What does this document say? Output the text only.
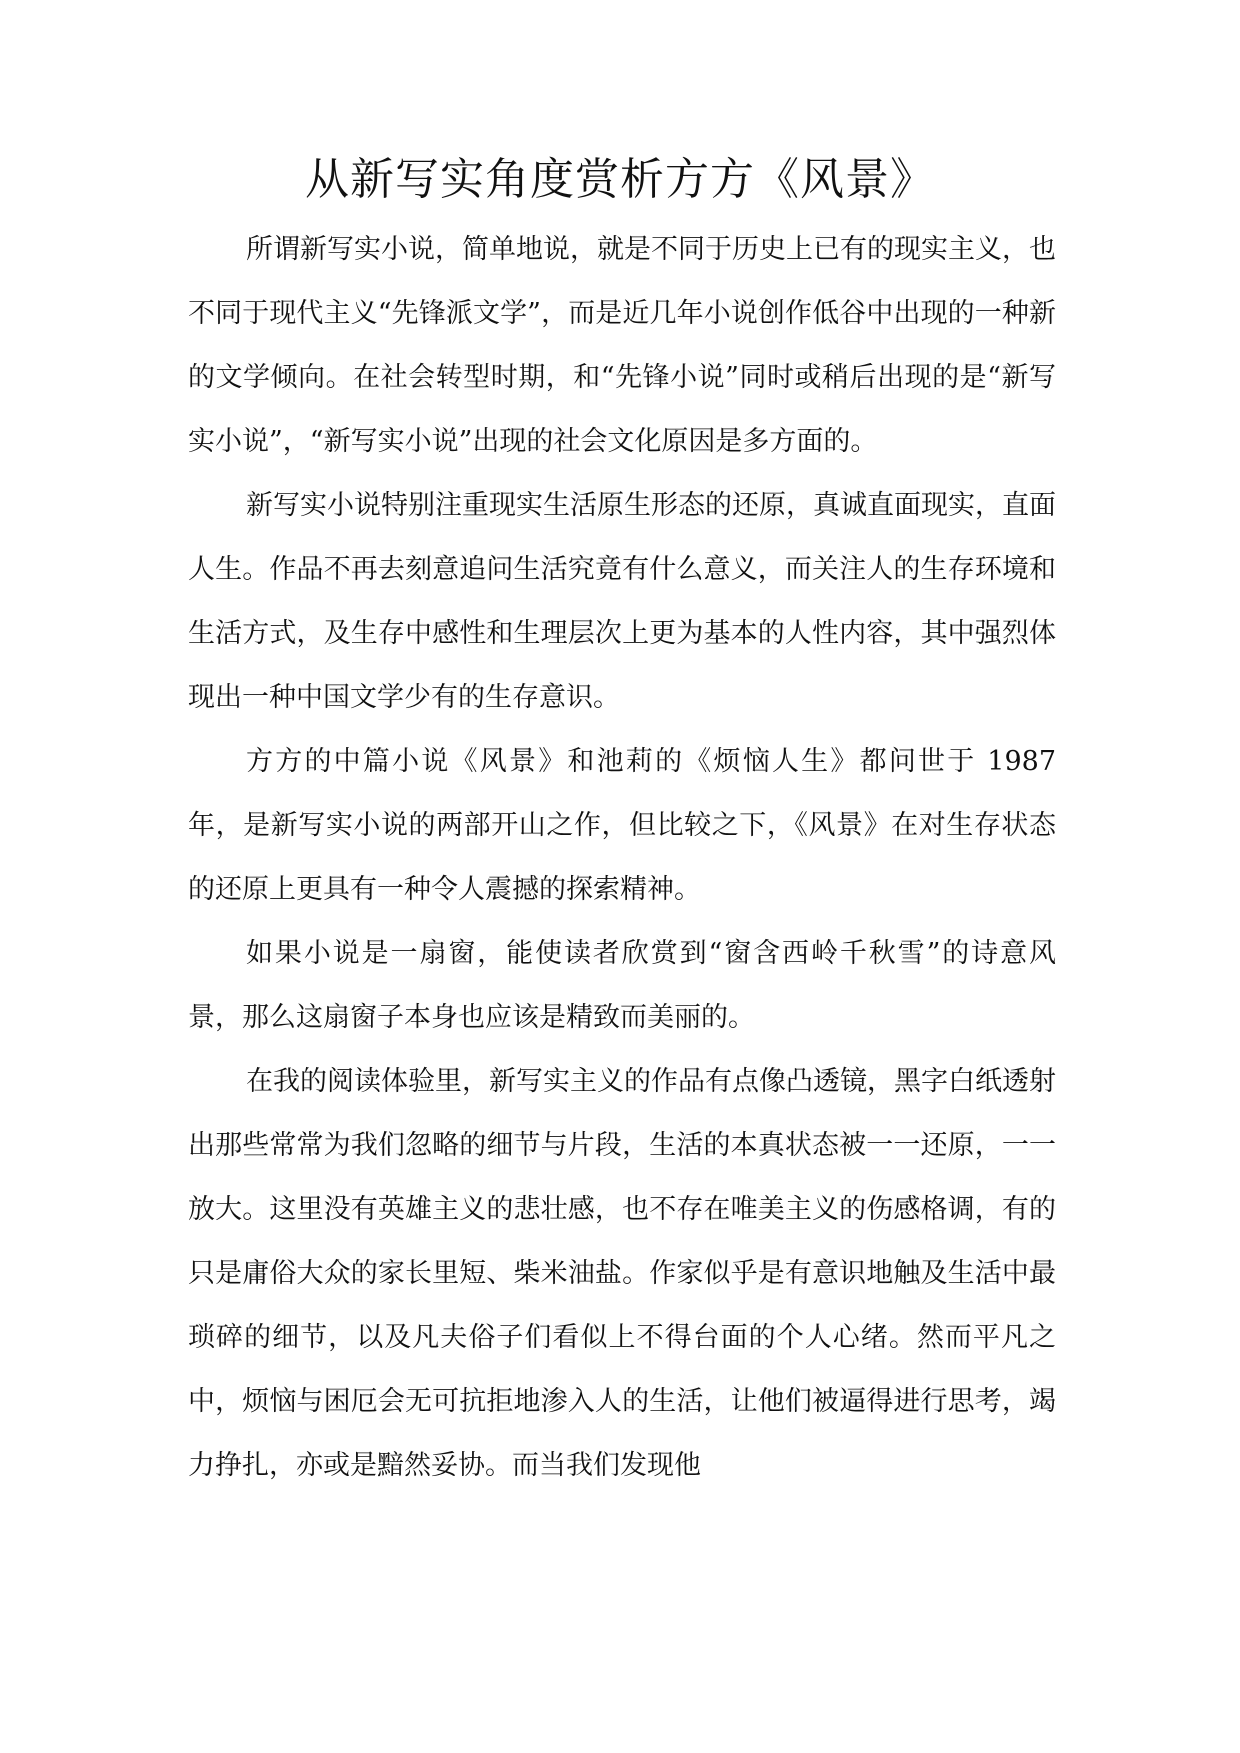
从新写实角度赏析方方《风景》

所谓新写实小说，简单地说，就是不同于历史上已有的现实主义，也不同于现代主义“先锋派文学”，而是近几年小说创作低谷中出现的一种新的文学倾向。在社会转型时期，和“先锋小说”同时或稍后出现的是“新写实小说”，“新写实小说”出现的社会文化原因是多方面的。

新写实小说特别注重现实生活原生形态的还原，真诚直面现实，直面人生。作品不再去刻意追问生活究竟有什么意义，而关注人的生存环境和生活方式，及生存中感性和生理层次上更为基本的人性内容，其中强烈体现出一种中国文学少有的生存意识。

方方的中篇小说《风景》和池莉的《烦恼人生》都问世于 1987 年，是新写实小说的两部开山之作，但比较之下，《风景》在对生存状态的还原上更具有一种令人震撼的探索精神。

如果小说是一扇窗，能使读者欣赏到“窗含西岭千秋雪”的诗意风景，那么这扇窗子本身也应该是精致而美丽的。

在我的阅读体验里，新写实主义的作品有点像凸透镜，黑字白纸透射出那些常常为我们忽略的细节与片段，生活的本真状态被一一还原，一一放大。这里没有英雄主义的悲壮感，也不存在唯美主义的伤感格调，有的只是庸俗大众的家长里短、柴米油盐。作家似乎是有意识地触及生活中最琐碎的细节，以及凡夫俗子们看似上不得台面的个人心绪。然而平凡之中，烦恼与困厄会无可抗拒地渗入人的生活，让他们被逼得进行思考，竭力挣扎，亦或是黯然妥协。而当我们发现他
